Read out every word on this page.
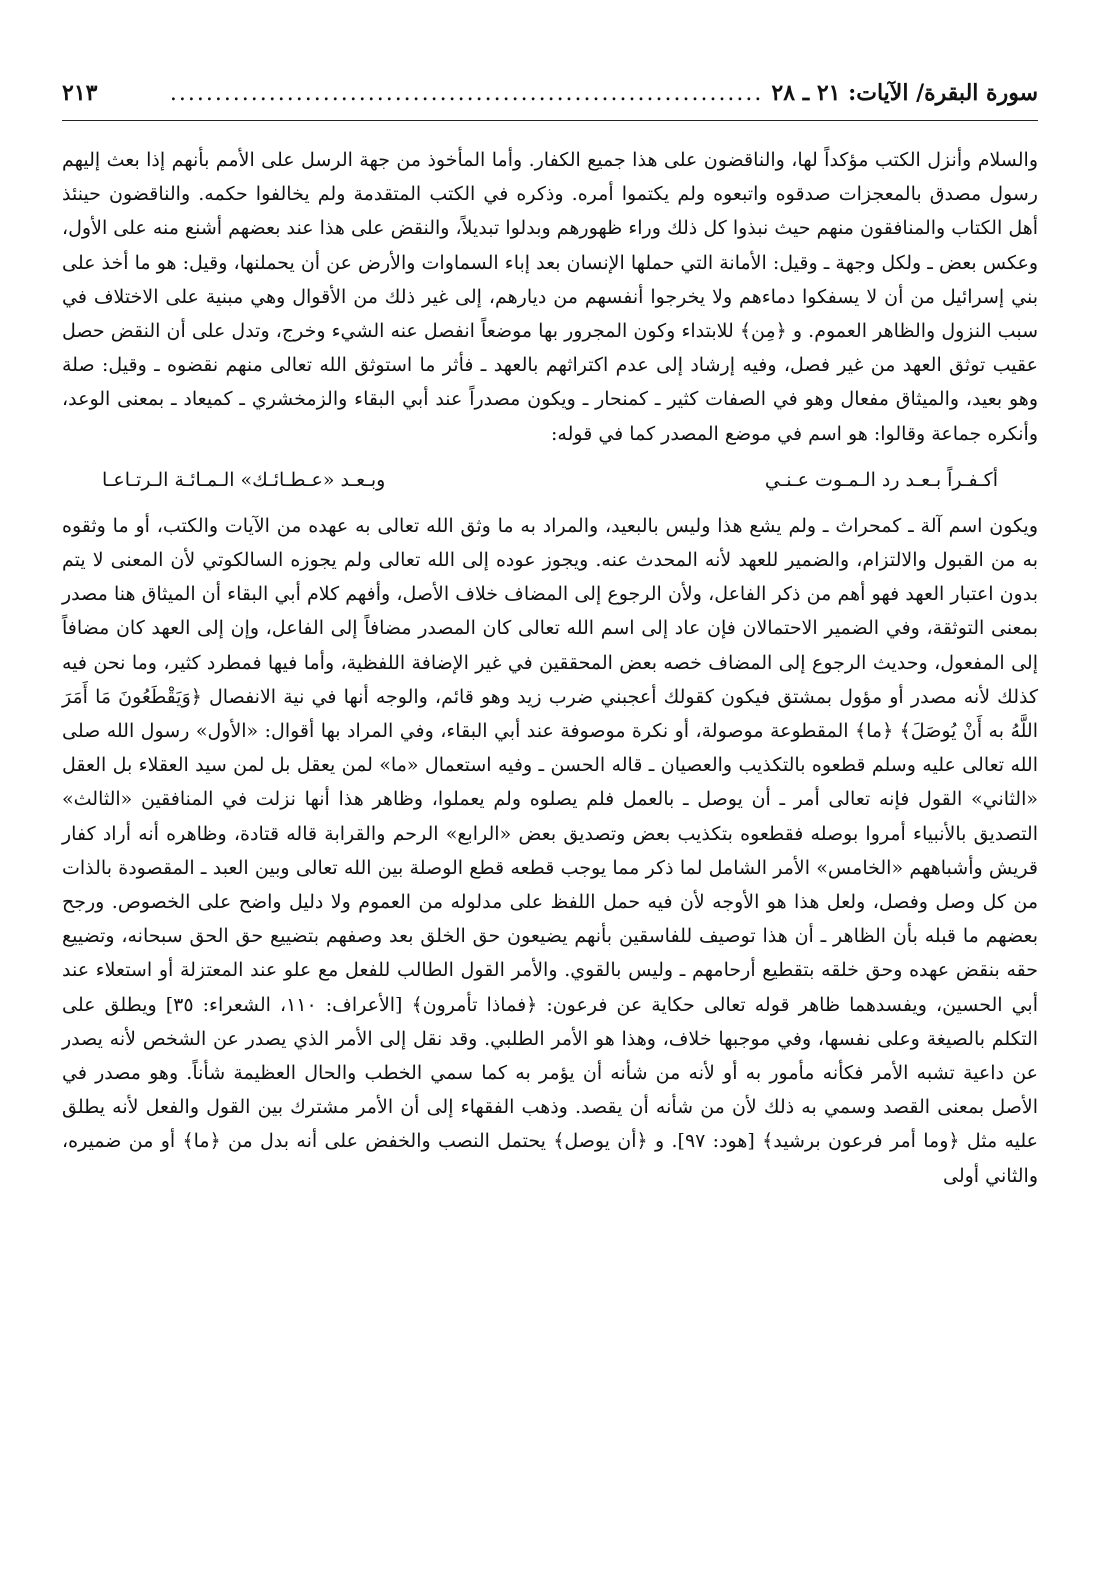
سورة البقرة/ الآيات: ٢١ ـ ٢٨
..................................................................
٢١٣

والسلام وأنزل الكتب مؤكداً لها، والناقضون على هذا جميع الكفار. وأما المأخوذ من جهة الرسل على الأمم بأنهم إذا بعث إليهم رسول مصدق بالمعجزات صدقوه واتبعوه ولم يكتموا أمره. وذكره في الكتب المتقدمة ولم يخالفوا حكمه. والناقضون حينئذ أهل الكتاب والمنافقون منهم حيث نبذوا كل ذلك وراء ظهورهم وبدلوا تبديلاً، والنقض على هذا عند بعضهم أشنع منه على الأول، وعكس بعض ـ ولكل وجهة ـ وقيل: الأمانة التي حملها الإنسان بعد إباء السماوات والأرض عن أن يحملنها، وقيل: هو ما أخذ على بني إسرائيل من أن لا يسفكوا دماءهم ولا يخرجوا أنفسهم من ديارهم، إلى غير ذلك من الأقوال وهي مبنية على الاختلاف في سبب النزول والظاهر العموم. و ﴿مِن﴾ للابتداء وكون المجرور بها موضعاً انفصل عنه الشيء وخرج، وتدل على أن النقض حصل عقيب توثق العهد من غير فصل، وفيه إرشاد إلى عدم اكتراثهم بالعهد ـ فأثر ما استوثق الله تعالى منهم نقضوه ـ وقيل: صلة وهو بعيد، والميثاق مفعال وهو في الصفات كثير ـ كمنحار ـ ويكون مصدراً عند أبي البقاء والزمخشري ـ كميعاد ـ بمعنى الوعد، وأنكره جماعة وقالوا: هو اسم في موضع المصدر كما في قوله:

أكـفـراً بـعـد رد الـمـوت عـنـي
وبـعـد «عـطـائـك» الـمـائـة الـرتـاعـا

ويكون اسم آلة ـ كمحراث ـ ولم يشع هذا وليس بالبعيد، والمراد به ما وثق الله تعالى به عهده من الآيات والكتب، أو ما وثقوه به من القبول والالتزام، والضمير للعهد لأنه المحدث عنه. ويجوز عوده إلى الله تعالى ولم يجوزه السالكوتي لأن المعنى لا يتم بدون اعتبار العهد فهو أهم من ذكر الفاعل، ولأن الرجوع إلى المضاف خلاف الأصل، وأفهم كلام أبي البقاء أن الميثاق هنا مصدر بمعنى التوثقة، وفي الضمير الاحتمالان فإن عاد إلى اسم الله تعالى كان المصدر مضافاً إلى الفاعل، وإن إلى العهد كان مضافاً إلى المفعول، وحديث الرجوع إلى المضاف خصه بعض المحققين في غير الإضافة اللفظية، وأما فيها فمطرد كثير، وما نحن فيه كذلك لأنه مصدر أو مؤول بمشتق فيكون كقولك أعجبني ضرب زيد وهو قائم، والوجه أنها في نية الانفصال ﴿وَيَقْطَعُونَ مَا أَمَرَ اللَّهُ به أَنْ يُوصَلَ﴾ ﴿ما﴾ المقطوعة موصولة، أو نكرة موصوفة عند أبي البقاء، وفي المراد بها أقوال: «الأول» رسول الله صلى الله تعالى عليه وسلم قطعوه بالتكذيب والعصيان ـ قاله الحسن ـ وفيه استعمال «ما» لمن يعقل بل لمن سيد العقلاء بل العقل «الثاني» القول فإنه تعالى أمر ـ أن يوصل ـ بالعمل فلم يصلوه ولم يعملوا، وظاهر هذا أنها نزلت في المنافقين «الثالث» التصديق بالأنبياء أمروا بوصله فقطعوه بتكذيب بعض وتصديق بعض «الرابع» الرحم والقرابة قاله قتادة، وظاهره أنه أراد كفار قريش وأشباههم «الخامس» الأمر الشامل لما ذكر مما يوجب قطعه قطع الوصلة بين الله تعالى وبين العبد ـ المقصودة بالذات من كل وصل وفصل، ولعل هذا هو الأوجه لأن فيه حمل اللفظ على مدلوله من العموم ولا دليل واضح على الخصوص. ورجح بعضهم ما قبله بأن الظاهر ـ أن هذا توصيف للفاسقين بأنهم يضيعون حق الخلق بعد وصفهم بتضييع حق الحق سبحانه، وتضييع حقه بنقض عهده وحق خلقه بتقطيع أرحامهم ـ وليس بالقوي. والأمر القول الطالب للفعل مع علو عند المعتزلة أو استعلاء عند أبي الحسين، ويفسدهما ظاهر قوله تعالى حكاية عن فرعون: ﴿فماذا تأمرون﴾ [الأعراف: ١١٠، الشعراء: ٣٥] ويطلق على التكلم بالصيغة وعلى نفسها، وفي موجبها خلاف، وهذا هو الأمر الطلبي. وقد نقل إلى الأمر الذي يصدر عن الشخص لأنه يصدر عن داعية تشبه الأمر فكأنه مأمور به أو لأنه من شأنه أن يؤمر به كما سمي الخطب والحال العظيمة شأناً. وهو مصدر في الأصل بمعنى القصد وسمي به ذلك لأن من شأنه أن يقصد. وذهب الفقهاء إلى أن الأمر مشترك بين القول والفعل لأنه يطلق عليه مثل ﴿وما أمر فرعون برشيد﴾ [هود: ٩٧]. و ﴿أن يوصل﴾ يحتمل النصب والخفض على أنه بدل من ﴿ما﴾ أو من ضميره، والثاني أولى
